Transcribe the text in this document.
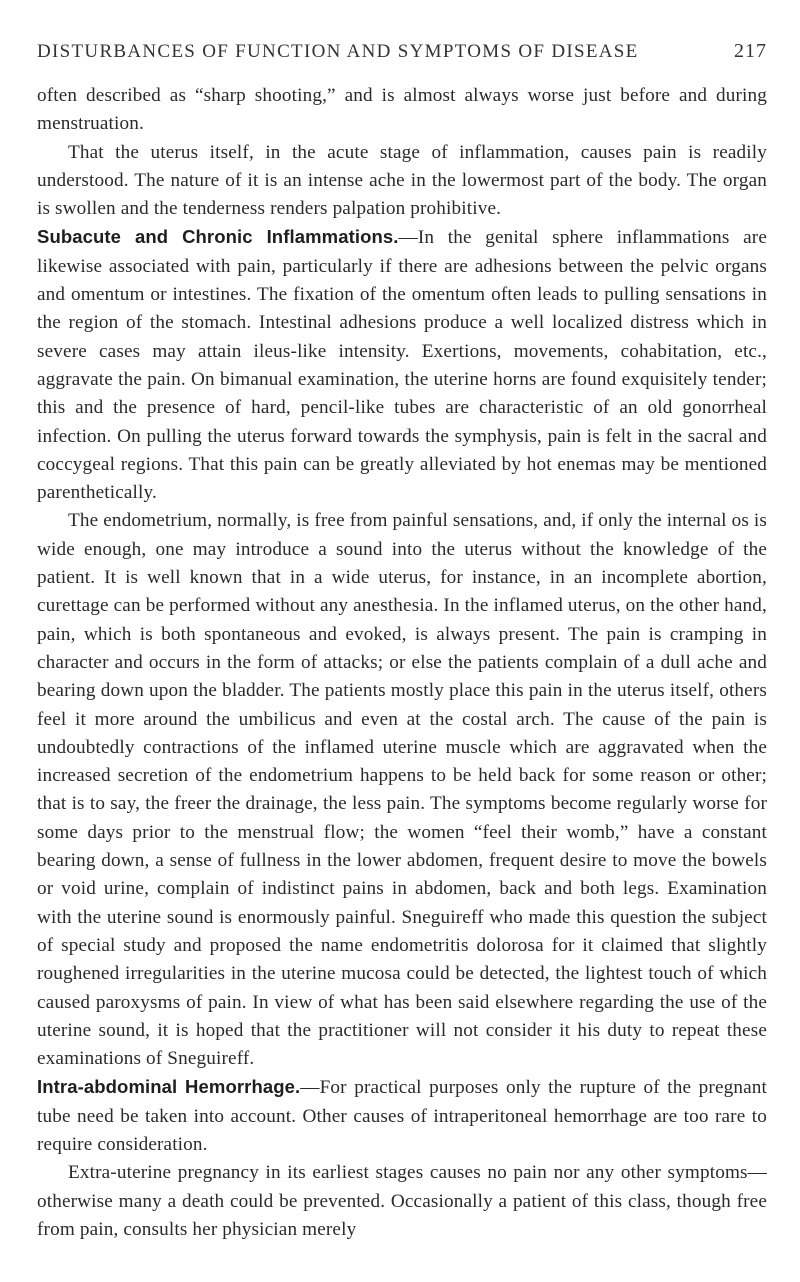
DISTURBANCES OF FUNCTION AND SYMPTOMS OF DISEASE	217

often described as “sharp shooting,” and is almost always worse just before and during menstruation.

That the uterus itself, in the acute stage of inflammation, causes pain is readily understood. The nature of it is an intense ache in the lowermost part of the body. The organ is swollen and the tenderness renders palpation prohibitive.

Subacute and Chronic Inflammations.—In the genital sphere inflammations are likewise associated with pain, particularly if there are adhesions between the pelvic organs and omentum or intestines. The fixation of the omentum often leads to pulling sensations in the region of the stomach. Intestinal adhesions produce a well localized distress which in severe cases may attain ileus-like intensity. Exertions, movements, cohabitation, etc., aggravate the pain. On bimanual examination, the uterine horns are found exquisitely tender; this and the presence of hard, pencil-like tubes are characteristic of an old gonorrheal infection. On pulling the uterus forward towards the symphysis, pain is felt in the sacral and coccygeal regions. That this pain can be greatly alleviated by hot enemas may be mentioned parenthetically.

The endometrium, normally, is free from painful sensations, and, if only the internal os is wide enough, one may introduce a sound into the uterus without the knowledge of the patient. It is well known that in a wide uterus, for instance, in an incomplete abortion, curettage can be performed without any anesthesia. In the inflamed uterus, on the other hand, pain, which is both spontaneous and evoked, is always present. The pain is cramping in character and occurs in the form of attacks; or else the patients complain of a dull ache and bearing down upon the bladder. The patients mostly place this pain in the uterus itself, others feel it more around the umbilicus and even at the costal arch. The cause of the pain is undoubtedly contractions of the inflamed uterine muscle which are aggravated when the increased secretion of the endometrium happens to be held back for some reason or other; that is to say, the freer the drainage, the less pain. The symptoms become regularly worse for some days prior to the menstrual flow; the women “feel their womb,” have a constant bearing down, a sense of fullness in the lower abdomen, frequent desire to move the bowels or void urine, complain of indistinct pains in abdomen, back and both legs. Examination with the uterine sound is enormously painful. Sneguireff who made this question the subject of special study and proposed the name endometritis dolorosa for it claimed that slightly roughened irregularities in the uterine mucosa could be detected, the lightest touch of which caused paroxysms of pain. In view of what has been said elsewhere regarding the use of the uterine sound, it is hoped that the practitioner will not consider it his duty to repeat these examinations of Sneguireff.

Intra-abdominal Hemorrhage.—For practical purposes only the rupture of the pregnant tube need be taken into account. Other causes of intraperitoneal hemorrhage are too rare to require consideration.

Extra-uterine pregnancy in its earliest stages causes no pain nor any other symptoms—otherwise many a death could be prevented. Occasionally a patient of this class, though free from pain, consults her physician merely
